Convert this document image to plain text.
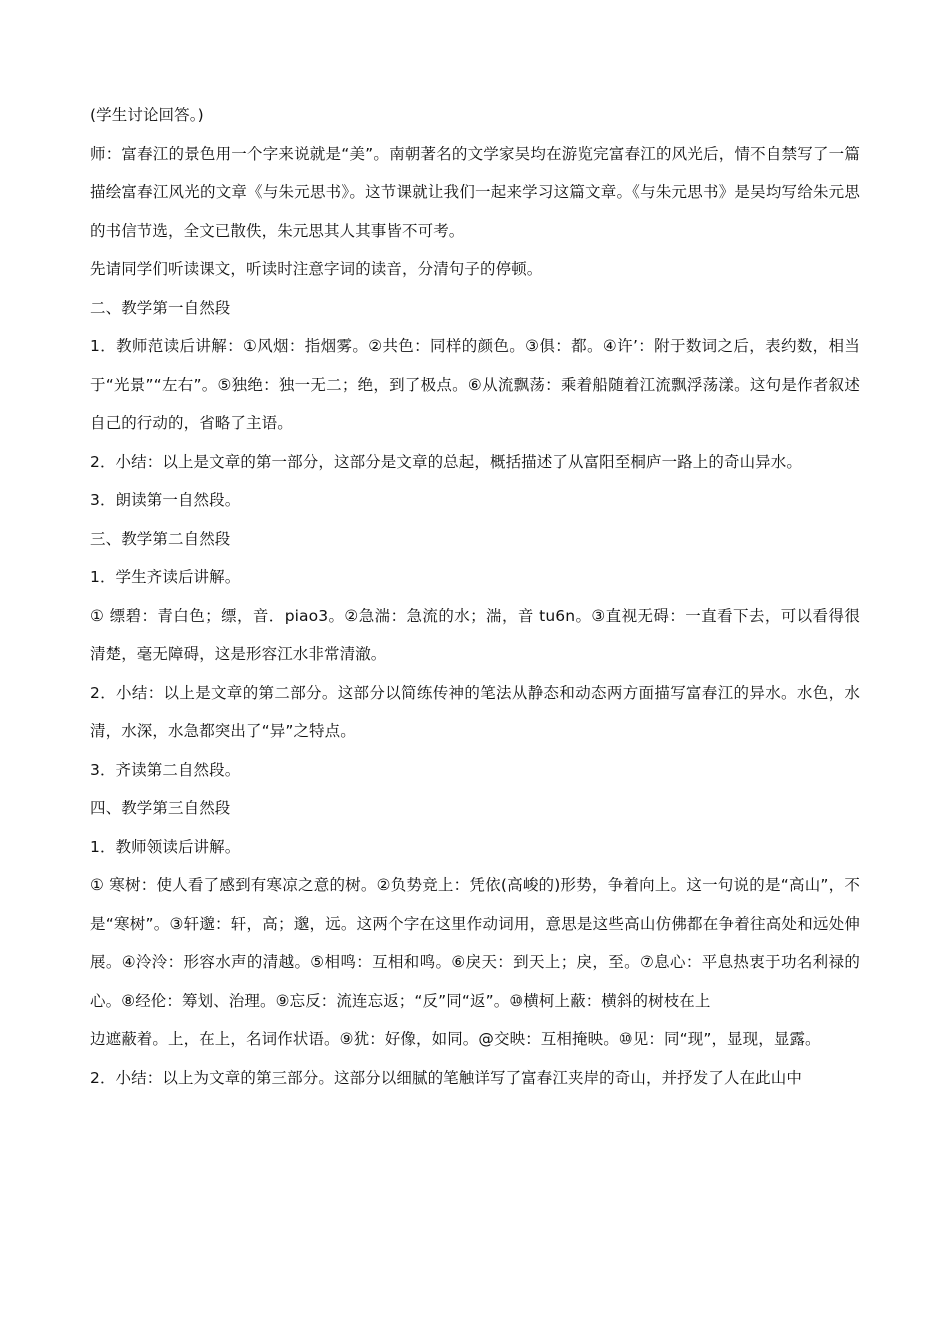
(学生讨论回答。)

师：富春江的景色用一个字来说就是“美”。南朝著名的文学家吴均在游览完富春江的风光后，情不自禁写了一篇描绘富春江风光的文章《与朱元思书》。这节课就让我们一起来学习这篇文章。《与朱元思书》是吴均写给朱元思的书信节选，全文已散佚，朱元思其人其事皆不可考。

先请同学们听读课文，听读时注意字词的读音，分清句子的停顿。

二、教学第一自然段

1．教师范读后讲解：①风烟：指烟雾。②共色：同样的颜色。③俱：都。④许’：附于数词之后，表约数，相当于“光景”“左右”。⑤独绝：独一无二；绝，到了极点。⑥从流飘荡：乘着船随着江流飘浮荡漾。这句是作者叙述自己的行动的，省略了主语。

2．小结：以上是文章的第一部分，这部分是文章的总起，概括描述了从富阳至桐庐一路上的奇山异水。

3．朗读第一自然段。

三、教学第二自然段

1．学生齐读后讲解。

① 缥碧：青白色；缥，音．piao3。②急湍：急流的水；湍，音 tu6n。③直视无碍：一直看下去，可以看得很清楚，毫无障碍，这是形容江水非常清澈。

2．小结：以上是文章的第二部分。这部分以简练传神的笔法从静态和动态两方面描写富春江的异水。水色，水清，水深，水急都突出了“异”之特点。

3．齐读第二自然段。

四、教学第三自然段

1．教师领读后讲解。

① 寒树：使人看了感到有寒凉之意的树。②负势竞上：凭依(高峻的)形势，争着向上。这一句说的是“高山”，不是“寒树”。③轩邈：轩，高；邈，远。这两个字在这里作动词用，意思是这些高山仿佛都在争着往高处和远处伸展。④泠泠：形容水声的清越。⑤相鸣：互相和鸣。⑥戾天：到天上；戾，至。⑦息心：平息热衷于功名利禄的心。⑧经伦：筹划、治理。⑨忘反：流连忘返；“反”同“返”。⑩横柯上蔽：横斜的树枝在上

边遮蔽着。上，在上，名词作状语。⑨犹：好像，如同。@交映：互相掩映。⑩见：同“现”，显现，显露。

2．小结：以上为文章的第三部分。这部分以细腻的笔触详写了富春江夹岸的奇山，并抒发了人在此山中
